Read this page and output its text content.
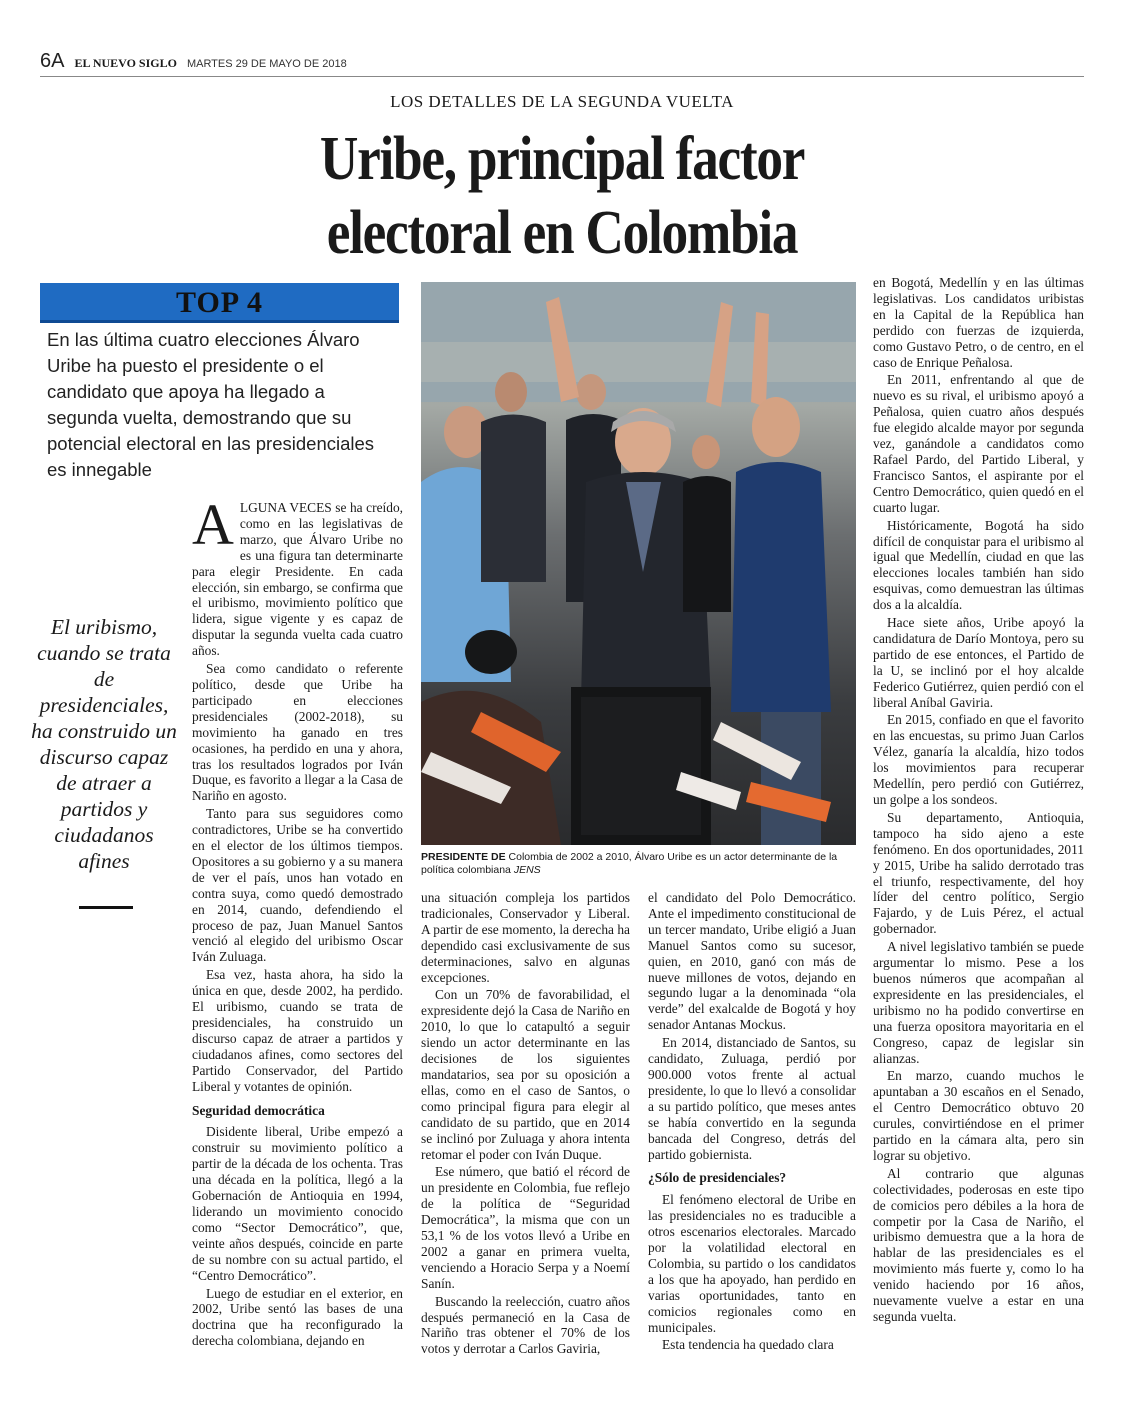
6A EL NUEVO SIGLO MARTES 29 DE MAYO DE 2018
LOS DETALLES DE LA SEGUNDA VUELTA
Uribe, principal factor
electoral en Colombia
TOP 4
En las última cuatro elecciones Álvaro Uribe ha puesto el presidente o el candidato que apoya ha llegado a segunda vuelta, demostrando que su potencial electoral en las presidenciales es innegable
El uribismo, cuando se trata de presidenciales, ha construido un discurso capaz de atraer a partidos y ciudadanos afines	PRESIDENTE DE Colombia de 2002 a 2010, Álvaro Uribe es un actor determinante de la política colombiana JENS

ALGUNA VECES se ha creído, como en las legislativas de marzo, que Álvaro Uribe no es una figura tan determinarte para elegir Presidente. En cada elección, sin embargo, se confirma que el uribismo, movimiento político que lidera, sigue vigente y es capaz de disputar la segunda vuelta cada cuatro años.

Sea como candidato o referente político, desde que Uribe ha participado en elecciones presidenciales (2002-2018), su movimiento ha ganado en tres ocasiones, ha perdido en una y ahora, tras los resultados logrados por Iván Duque, es favorito a llegar a la Casa de Nariño en agosto.

Tanto para sus seguidores como contradictores, Uribe se ha convertido en el elector de los últimos tiempos. Opositores a su gobierno y a su manera de ver el país, unos han votado en contra suya, como quedó demostrado en 2014, cuando, defendiendo el proceso de paz, Juan Manuel Santos venció al elegido del uribismo Oscar Iván Zuluaga.

Esa vez, hasta ahora, ha sido la única en que, desde 2002, ha perdido. El uribismo, cuando se trata de presidenciales, ha construido un discurso capaz de atraer a partidos y ciudadanos afines, como sectores del Partido Conservador, del Partido Liberal y votantes de opinión.

Seguridad democrática

Disidente liberal, Uribe empezó a construir su movimiento político a partir de la década de los ochenta. Tras una década en la política, llegó a la Gobernación de Antioquia en 1994, liderando un movimiento conocido como “Sector Democrático”, que, veinte años después, coincide en parte de su nombre con su actual partido, el “Centro Democrático”.

Luego de estudiar en el exterior, en 2002, Uribe sentó las bases de una doctrina que ha reconfigurado la derecha colombiana, dejando en

una situación compleja los partidos tradicionales, Conservador y Liberal. A partir de ese momento, la derecha ha dependido casi exclusivamente de sus determinaciones, salvo en algunas excepciones.

Con un 70% de favorabilidad, el expresidente dejó la Casa de Nariño en 2010, lo que lo catapultó a seguir siendo un actor determinante en las decisiones de los siguientes mandatarios, sea por su oposición a ellas, como en el caso de Santos, o como principal figura para elegir al candidato de su partido, que en 2014 se inclinó por Zuluaga y ahora intenta retomar el poder con Iván Duque.

Ese número, que batió el récord de un presidente en Colombia, fue reflejo de la política de “Seguridad Democrática”, la misma que con un 53,1 % de los votos llevó a Uribe en 2002 a ganar en primera vuelta, venciendo a Horacio Serpa y a Noemí Sanín.

Buscando la reelección, cuatro años después permaneció en la Casa de Nariño tras obtener el 70% de los votos y derrotar a Carlos Gaviria,

el candidato del Polo Democrático. Ante el impedimento constitucional de un tercer mandato, Uribe eligió a Juan Manuel Santos como su sucesor, quien, en 2010, ganó con más de nueve millones de votos, dejando en segundo lugar a la denominada “ola verde” del exalcalde de Bogotá y hoy senador Antanas Mockus.

En 2014, distanciado de Santos, su candidato, Zuluaga, perdió por 900.000 votos frente al actual presidente, lo que lo llevó a consolidar a su partido político, que meses antes se había convertido en la segunda bancada del Congreso, detrás del partido gobiernista.

¿Sólo de presidenciales?

El fenómeno electoral de Uribe en las presidenciales no es traducible a otros escenarios electorales. Marcado por la volatilidad electoral en Colombia, su partido o los candidatos a los que ha apoyado, han perdido en varias oportunidades, tanto en comicios regionales como en municipales.

Esta tendencia ha quedado clara

en Bogotá, Medellín y en las últimas legislativas. Los candidatos uribistas en la Capital de la República han perdido con fuerzas de izquierda, como Gustavo Petro, o de centro, en el caso de Enrique Peñalosa.

En 2011, enfrentando al que de nuevo es su rival, el uribismo apoyó a Peñalosa, quien cuatro años después fue elegido alcalde mayor por segunda vez, ganándole a candidatos como Rafael Pardo, del Partido Liberal, y Francisco Santos, el aspirante por el Centro Democrático, quien quedó en el cuarto lugar.

Históricamente, Bogotá ha sido difícil de conquistar para el uribismo al igual que Medellín, ciudad en que las elecciones locales también han sido esquivas, como demuestran las últimas dos a la alcaldía.

Hace siete años, Uribe apoyó la candidatura de Darío Montoya, pero su partido de ese entonces, el Partido de la U, se inclinó por el hoy alcalde Federico Gutiérrez, quien perdió con el liberal Aníbal Gaviria.

En 2015, confiado en que el favorito en las encuestas, su primo Juan Carlos Vélez, ganaría la alcaldía, hizo todos los movimientos para recuperar Medellín, pero perdió con Gutiérrez, un golpe a los sondeos.

Su departamento, Antioquia, tampoco ha sido ajeno a este fenómeno. En dos oportunidades, 2011 y 2015, Uribe ha salido derrotado tras el triunfo, respectivamente, del hoy líder del centro político, Sergio Fajardo, y de Luis Pérez, el actual gobernador.

A nivel legislativo también se puede argumentar lo mismo. Pese a los buenos números que acompañan al expresidente en las presidenciales, el uribismo no ha podido convertirse en una fuerza opositora mayoritaria en el Congreso, capaz de legislar sin alianzas.

En marzo, cuando muchos le apuntaban a 30 escaños en el Senado, el Centro Democrático obtuvo 20 curules, convirtiéndose en el primer partido en la cámara alta, pero sin lograr su objetivo.

Al contrario que algunas colectividades, poderosas en este tipo de comicios pero débiles a la hora de competir por la Casa de Nariño, el uribismo demuestra que a la hora de hablar de las presidenciales es el movimiento más fuerte y, como lo ha venido haciendo por 16 años, nuevamente vuelve a estar en una segunda vuelta.
